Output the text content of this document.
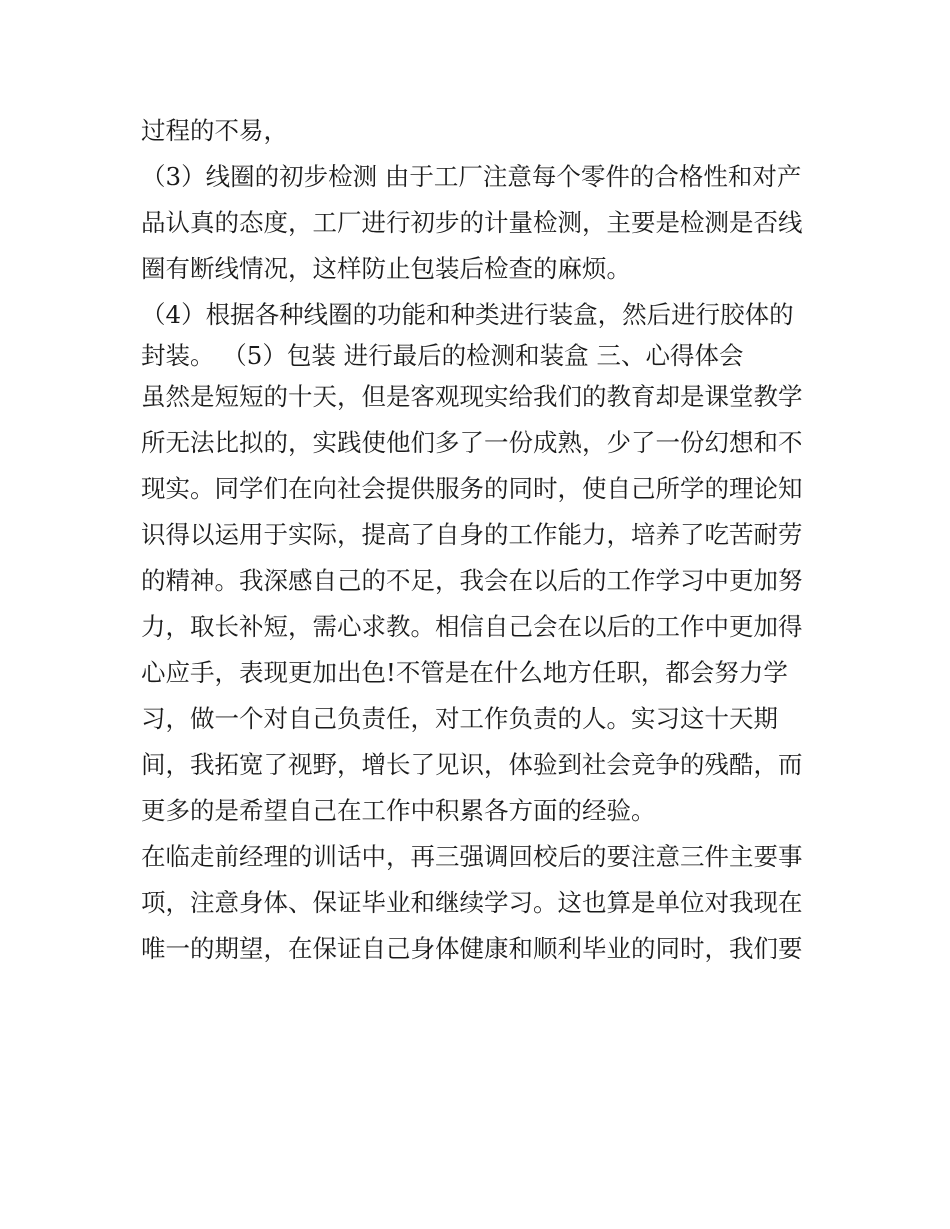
过程的不易，
（3）线圈的初步检测 由于工厂注意每个零件的合格性和对产
品认真的态度，工厂进行初步的计量检测，主要是检测是否线
圈有断线情况，这样防止包装后检查的麻烦。
（4）根据各种线圈的功能和种类进行装盒，然后进行胶体的
封装。 （5）包装 进行最后的检测和装盒 三、心得体会
虽然是短短的十天，但是客观现实给我们的教育却是课堂教学
所无法比拟的，实践使他们多了一份成熟，少了一份幻想和不
现实。同学们在向社会提供服务的同时，使自己所学的理论知
识得以运用于实际，提高了自身的工作能力，培养了吃苦耐劳
的精神。我深感自己的不足，我会在以后的工作学习中更加努
力，取长补短，需心求教。相信自己会在以后的工作中更加得
心应手，表现更加出色!不管是在什么地方任职，都会努力学
习，做一个对自己负责任，对工作负责的人。实习这十天期
间，我拓宽了视野，增长了见识，体验到社会竞争的残酷，而
更多的是希望自己在工作中积累各方面的经验。
在临走前经理的训话中，再三强调回校后的要注意三件主要事
项，注意身体、保证毕业和继续学习。这也算是单位对我现在
唯一的期望，在保证自己身体健康和顺利毕业的同时，我们要
